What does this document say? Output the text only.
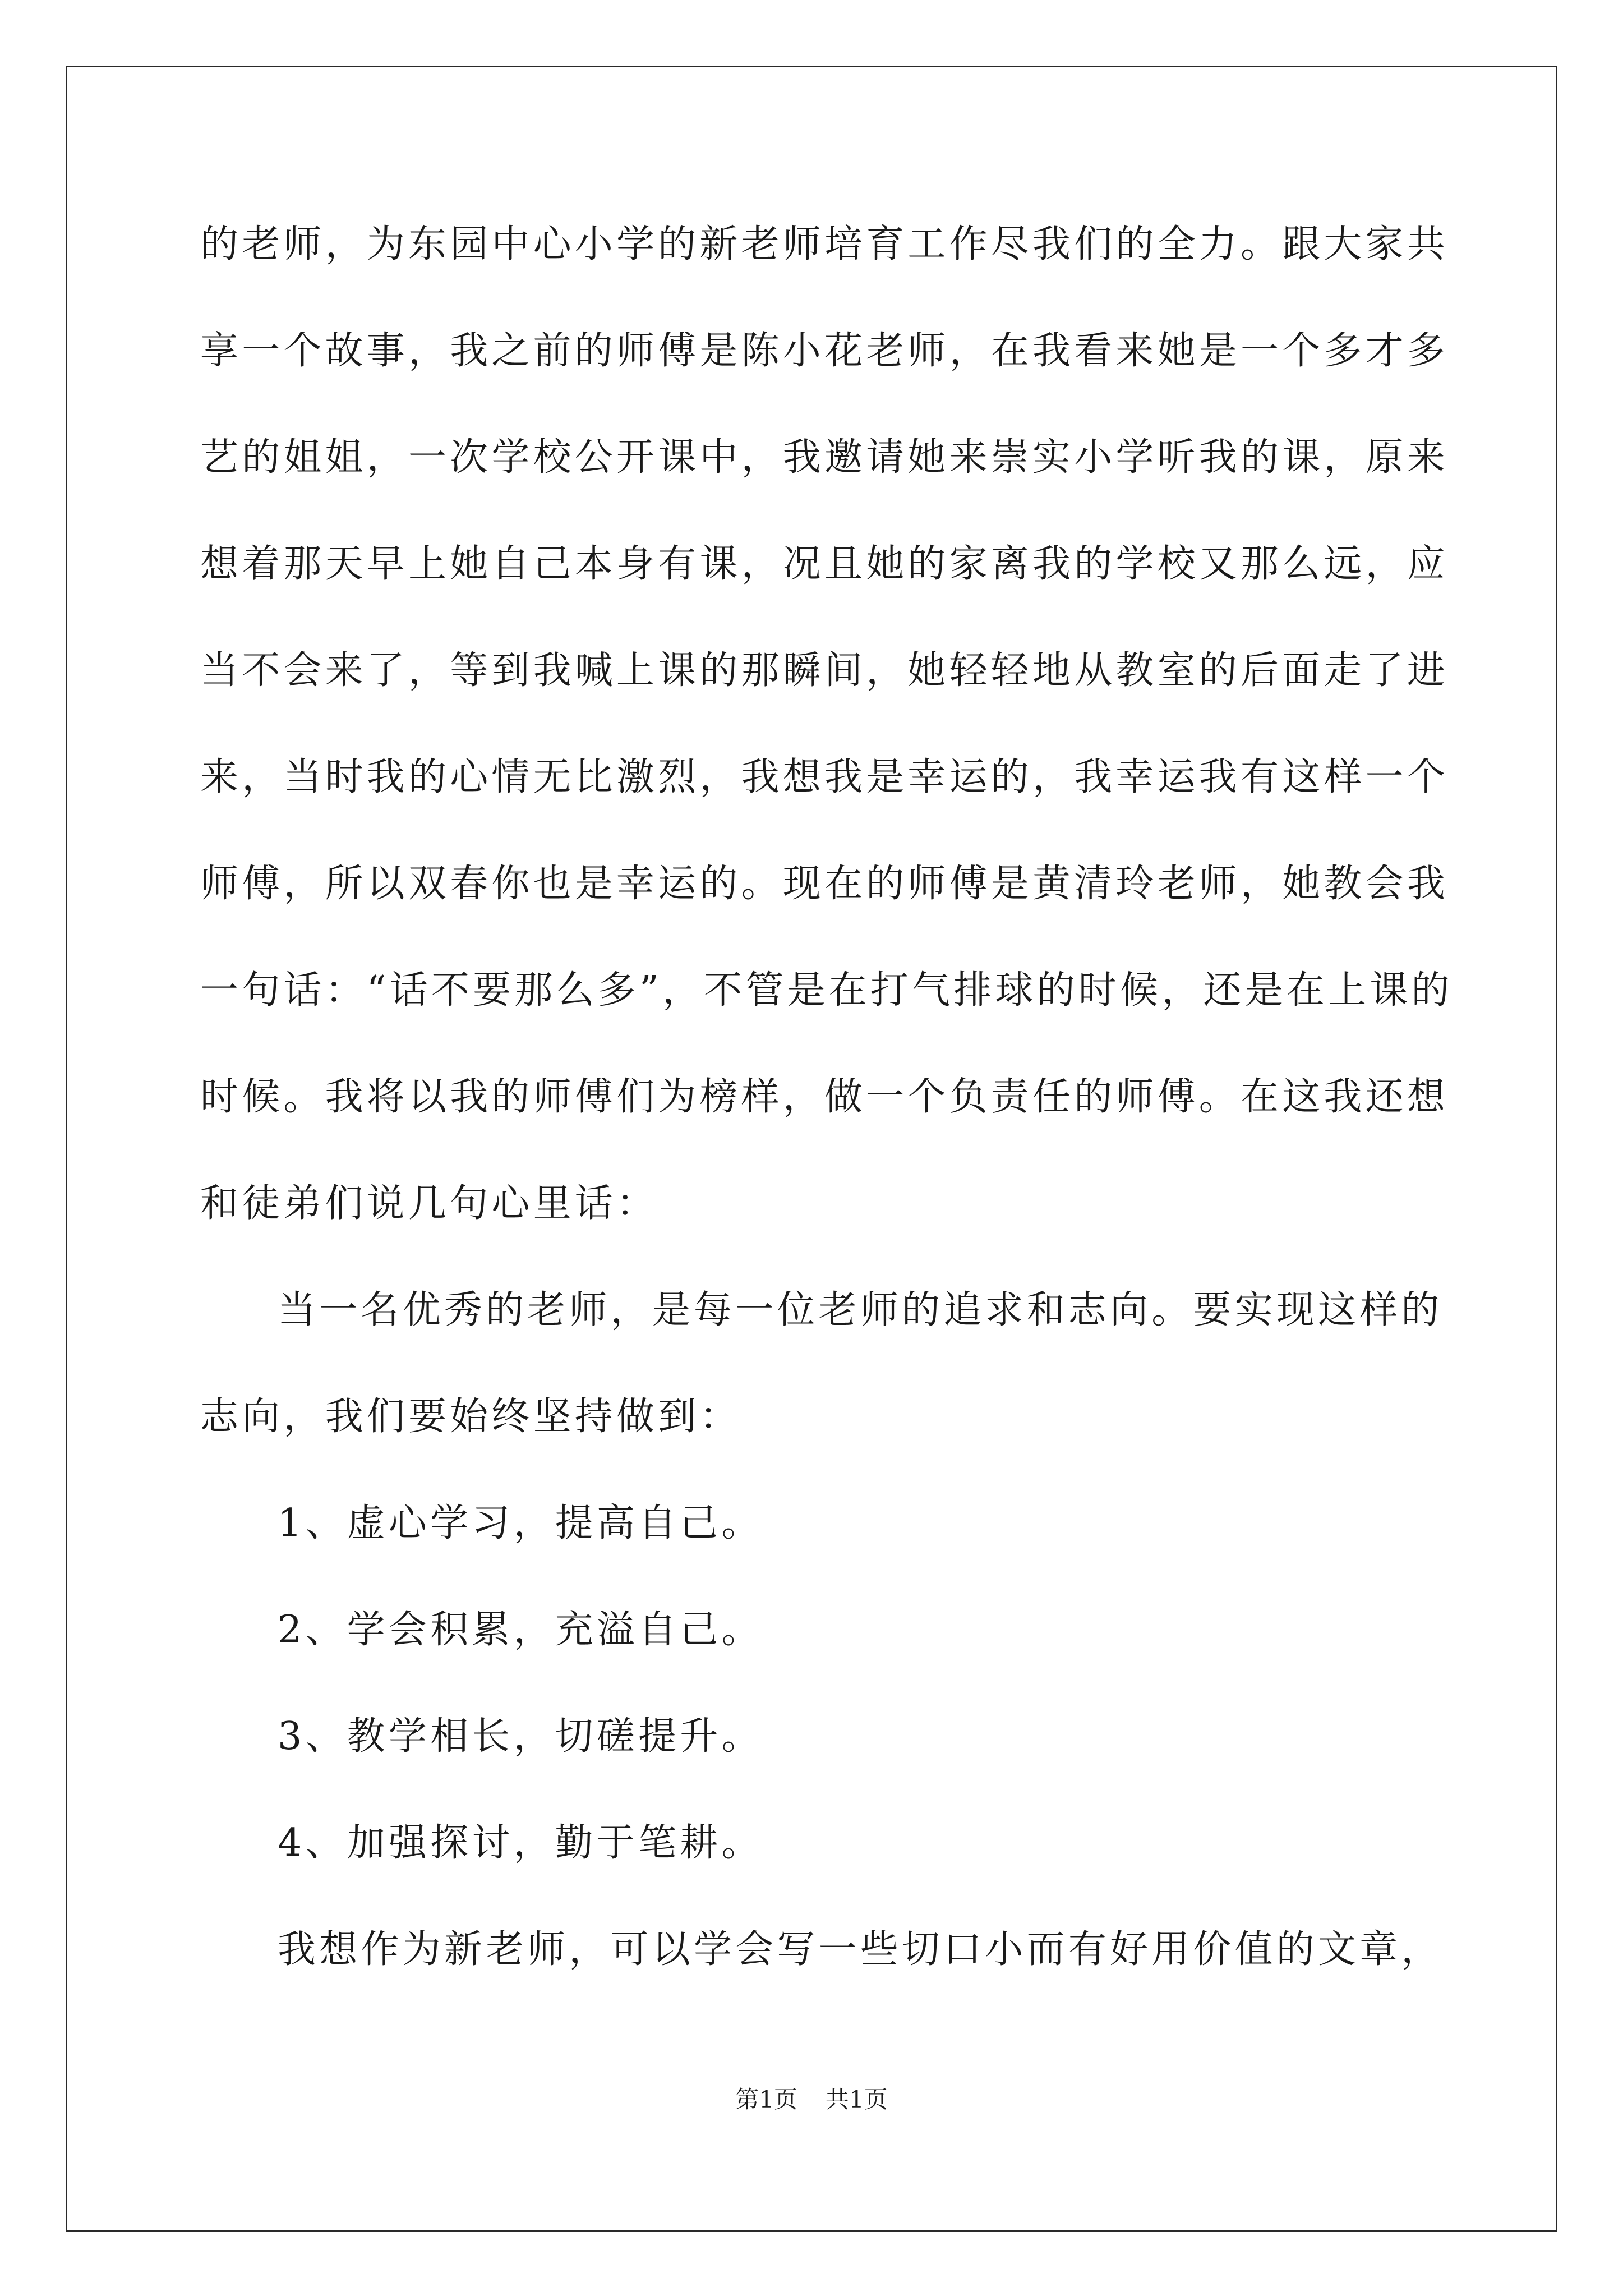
的老师，为东园中心小学的新老师培育工作尽我们的全力。跟大家共
享一个故事，我之前的师傅是陈小花老师，在我看来她是一个多才多
艺的姐姐，一次学校公开课中，我邀请她来崇实小学听我的课，原来
想着那天早上她自己本身有课，况且她的家离我的学校又那么远，应
当不会来了，等到我喊上课的那瞬间，她轻轻地从教室的后面走了进
来，当时我的心情无比激烈，我想我是幸运的，我幸运我有这样一个
师傅，所以双春你也是幸运的。现在的师傅是黄清玲老师，她教会我
一句话：“话不要那么多”，不管是在打气排球的时候，还是在上课的
时候。我将以我的师傅们为榜样，做一个负责任的师傅。在这我还想
和徒弟们说几句心里话：
当一名优秀的老师，是每一位老师的追求和志向。要实现这样的
志向，我们要始终坚持做到：
1、虚心学习，提高自己。
2、学会积累，充溢自己。
3、教学相长，切磋提升。
4、加强探讨，勤于笔耕。
我想作为新老师，可以学会写一些切口小而有好用价值的文章，
第1页 共1页
